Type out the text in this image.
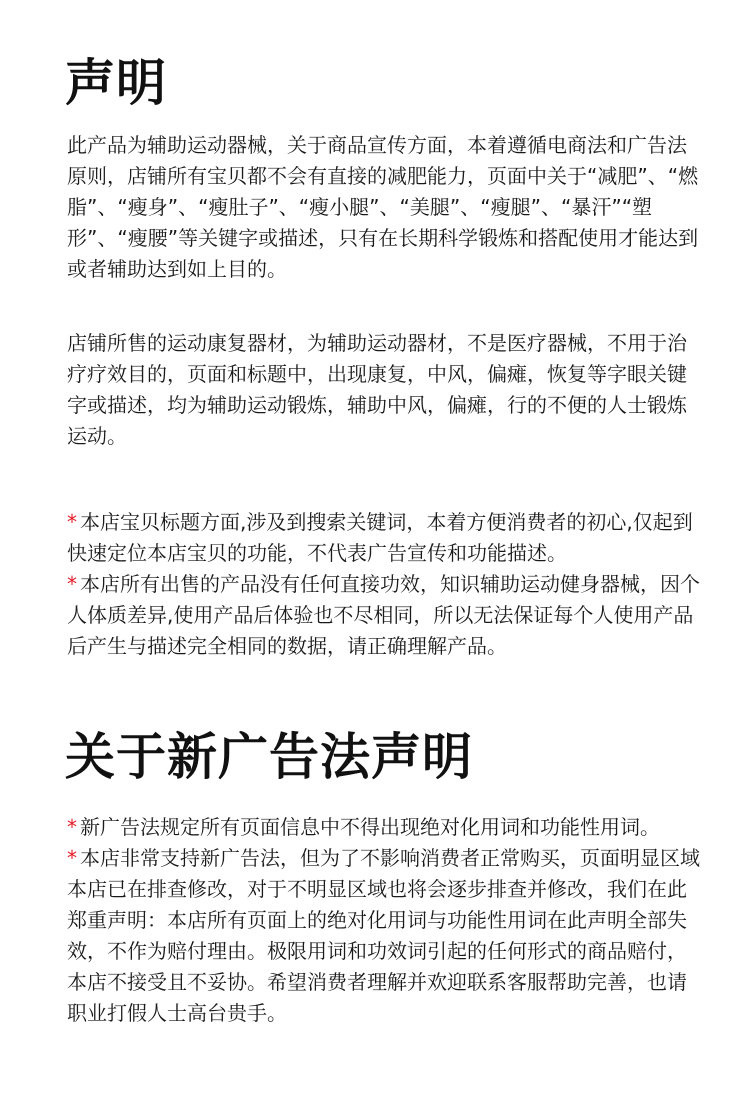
声明

此产品为辅助运动器械，关于商品宣传方面，本着遵循电商法和广告法原则，店铺所有宝贝都不会有直接的减肥能力，页面中关于“减肥”、“燃脂”、“瘦身”、“瘦肚子”、“瘦小腿”、“美腿”、“瘦腿”、“暴汗”“塑形”、“瘦腰”等关键字或描述，只有在长期科学锻炼和搭配使用才能达到或者辅助达到如上目的。

店铺所售的运动康复器材，为辅助运动器材，不是医疗器械，不用于治疗疗效目的，页面和标题中，出现康复，中风，偏瘫，恢复等字眼关键字或描述，均为辅助运动锻炼，辅助中风，偏瘫，行的不便的人士锻炼运动。

* 本店宝贝标题方面,涉及到搜索关键词，本着方便消费者的初心,仅起到快速定位本店宝贝的功能，不代表广告宣传和功能描述。
* 本店所有出售的产品没有任何直接功效，知识辅助运动健身器械，因个人体质差异,使用产品后体验也不尽相同，所以无法保证每个人使用产品后产生与描述完全相同的数据，请正确理解产品。
关于新广告法声明
* 新广告法规定所有页面信息中不得出现绝对化用词和功能性用词。
* 本店非常支持新广告法，但为了不影响消费者正常购买，页面明显区域本店已在排查修改，对于不明显区域也将会逐步排查并修改，我们在此郑重声明：本店所有页面上的绝对化用词与功能性用词在此声明全部失效，不作为赔付理由。极限用词和功效词引起的任何形式的商品赔付，本店不接受且不妥协。希望消费者理解并欢迎联系客服帮助完善，也请职业打假人士高台贵手。
